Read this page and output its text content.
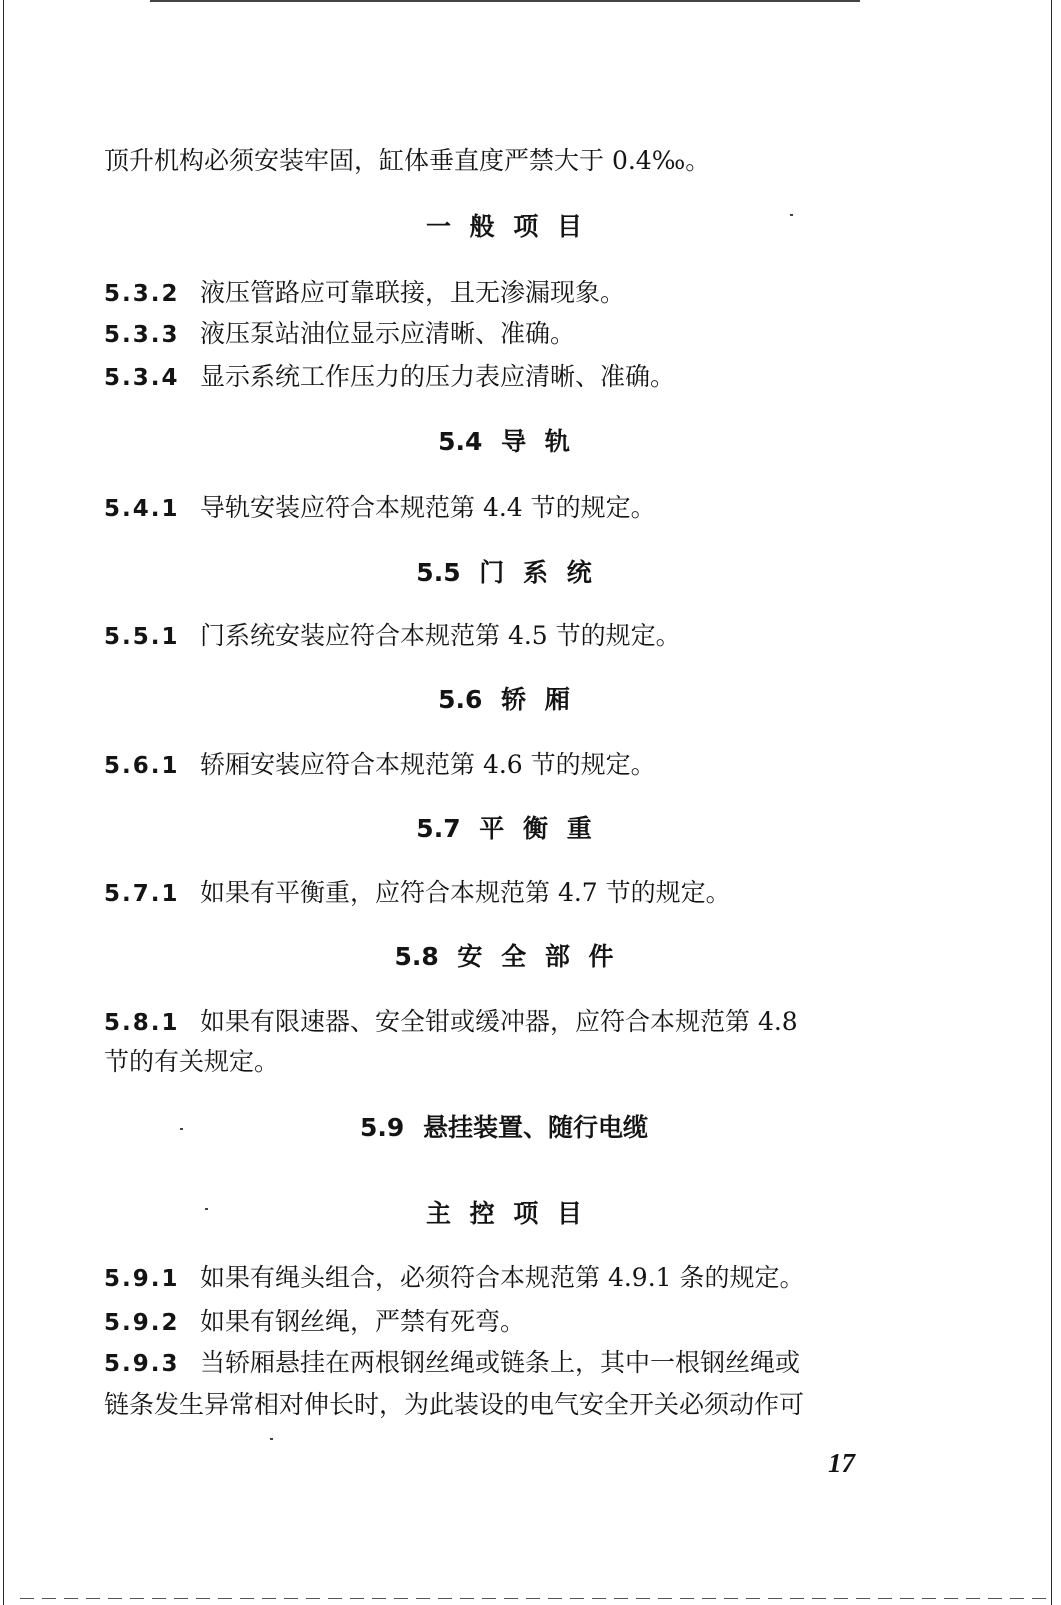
顶升机构必须安装牢固，缸体垂直度严禁大于 0.4‰。
一 般 项 目
5.3.2 液压管路应可靠联接，且无渗漏现象。
5.3.3 液压泵站油位显示应清晰、准确。
5.3.4 显示系统工作压力的压力表应清晰、准确。
5.4 导 轨
5.4.1 导轨安装应符合本规范第 4.4 节的规定。
5.5 门 系 统
5.5.1 门系统安装应符合本规范第 4.5 节的规定。
5.6 轿 厢
5.6.1 轿厢安装应符合本规范第 4.6 节的规定。
5.7 平 衡 重
5.7.1 如果有平衡重，应符合本规范第 4.7 节的规定。
5.8 安 全 部 件
5.8.1 如果有限速器、安全钳或缓冲器，应符合本规范第 4.8
节的有关规定。
5.9 悬挂装置、随行电缆
主 控 项 目
5.9.1 如果有绳头组合，必须符合本规范第 4.9.1 条的规定。
5.9.2 如果有钢丝绳，严禁有死弯。
5.9.3 当轿厢悬挂在两根钢丝绳或链条上，其中一根钢丝绳或
链条发生异常相对伸长时，为此装设的电气安全开关必须动作可
17
